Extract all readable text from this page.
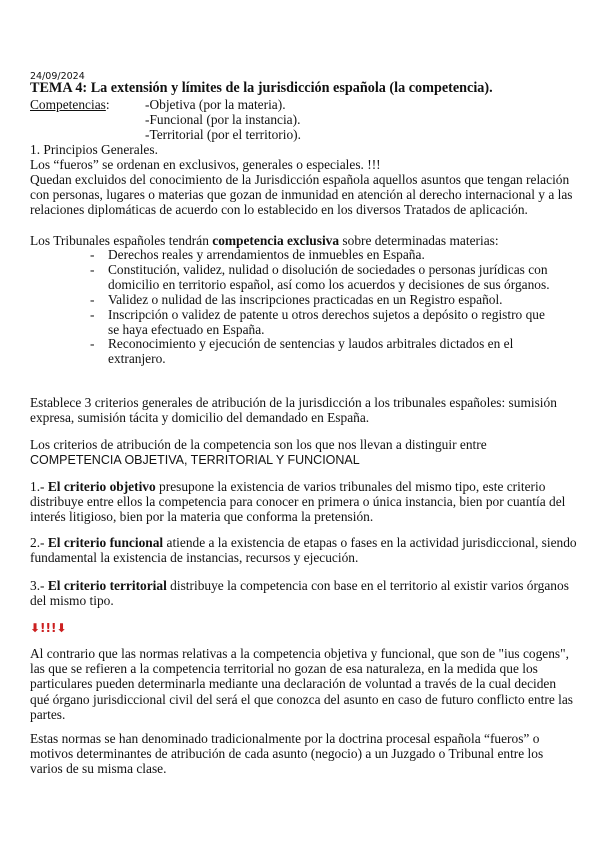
24/09/2024
TEMA 4: La extensión y límites de la jurisdicción española (la competencia).
Competencias:	-Objetiva (por la materia).
-Funcional (por la instancia).
-Territorial (por el territorio).
1. Principios Generales.
Los “fueros” se ordenan en exclusivos, generales o especiales. !!!

Quedan excluidos del conocimiento de la Jurisdicción española aquellos asuntos que tengan relación con personas, lugares o materias que gozan de inmunidad en atención al derecho internacional y a las relaciones diplomáticas de acuerdo con lo establecido en los diversos Tratados de aplicación.

Los Tribunales españoles tendrán competencia exclusiva sobre determinadas materias:

- Derechos reales y arrendamientos de inmuebles en España.
- Constitución, validez, nulidad o disolución de sociedades o personas jurídicas con domicilio en territorio español, así como los acuerdos y decisiones de sus órganos.
- Validez o nulidad de las inscripciones practicadas en un Registro español.
- Inscripción o validez de patente u otros derechos sujetos a depósito o registro que se haya efectuado en España.
- Reconocimiento y ejecución de sentencias y laudos arbitrales dictados en el extranjero.

Establece 3 criterios generales de atribución de la jurisdicción a los tribunales españoles: sumisión expresa, sumisión tácita y domicilio del demandado en España.

Los criterios de atribución de la competencia son los que nos llevan a distinguir entre

COMPETENCIA OBJETIVA, TERRITORIAL Y FUNCIONAL

1.- El criterio objetivo presupone la existencia de varios tribunales del mismo tipo, este criterio distribuye entre ellos la competencia para conocer en primera o única instancia, bien por cuantía del interés litigioso, bien por la materia que conforma la pretensión.

2.- El criterio funcional atiende a la existencia de etapas o fases en la actividad jurisdiccional, siendo fundamental la existencia de instancias, recursos y ejecución.

3.- El criterio territorial distribuye la competencia con base en el territorio al existir varios órganos del mismo tipo.

⬇!!!⬇

Al contrario que las normas relativas a la competencia objetiva y funcional, que son de "ius cogens", las que se refieren a la competencia territorial no gozan de esa naturaleza, en la medida que los particulares pueden determinarla mediante una declaración de voluntad a través de la cual deciden qué órgano jurisdiccional civil del será el que conozca del asunto en caso de futuro conflicto entre las partes.

Estas normas se han denominado tradicionalmente por la doctrina procesal española “fueros” o motivos determinantes de atribución de cada asunto (negocio) a un Juzgado o Tribunal entre los varios de su misma clase.
